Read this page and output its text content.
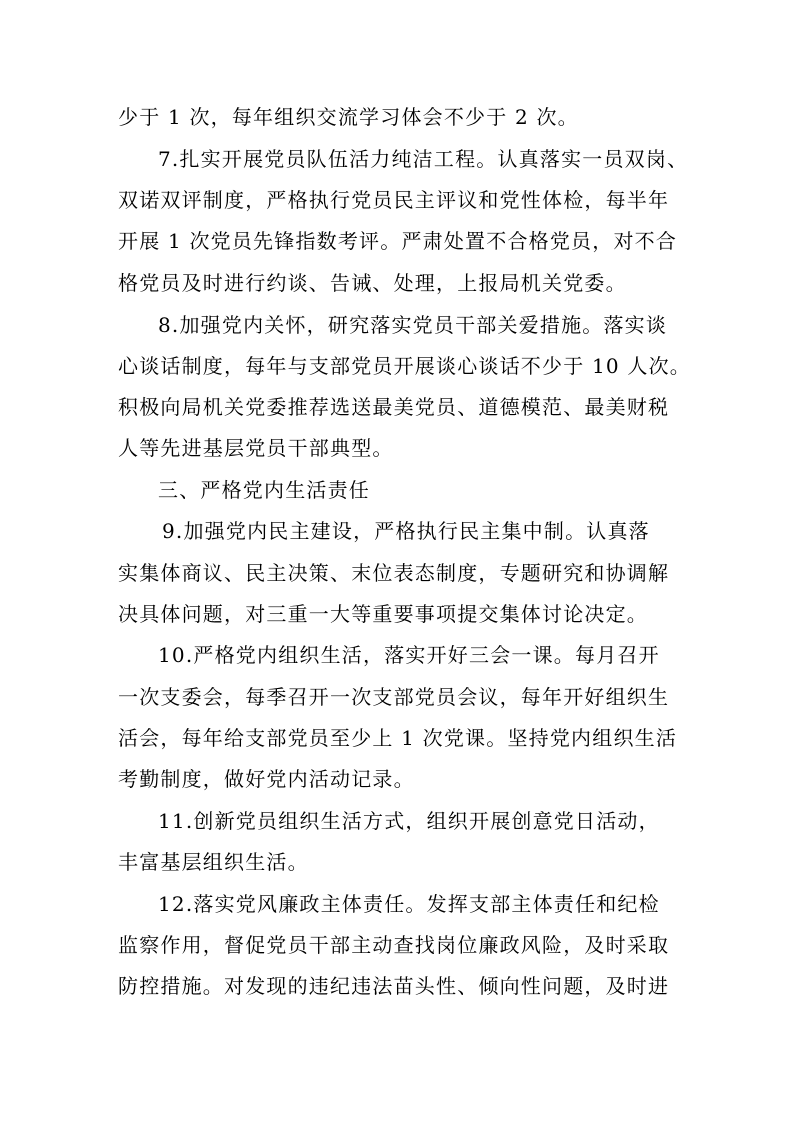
少于 1 次，每年组织交流学习体会不少于 2 次。
7.扎实开展党员队伍活力纯洁工程。认真落实一员双岗、
双诺双评制度，严格执行党员民主评议和党性体检，每半年
开展 1 次党员先锋指数考评。严肃处置不合格党员，对不合
格党员及时进行约谈、告诫、处理，上报局机关党委。
8.加强党内关怀，研究落实党员干部关爱措施。落实谈
心谈话制度，每年与支部党员开展谈心谈话不少于 10 人次。
积极向局机关党委推荐选送最美党员、道德模范、最美财税
人等先进基层党员干部典型。
三、严格党内生活责任
9.加强党内民主建设，严格执行民主集中制。认真落
实集体商议、民主决策、末位表态制度，专题研究和协调解
决具体问题，对三重一大等重要事项提交集体讨论决定。
10.严格党内组织生活，落实开好三会一课。每月召开
一次支委会，每季召开一次支部党员会议，每年开好组织生
活会，每年给支部党员至少上 1 次党课。坚持党内组织生活
考勤制度，做好党内活动记录。
11.创新党员组织生活方式，组织开展创意党日活动，
丰富基层组织生活。
12.落实党风廉政主体责任。发挥支部主体责任和纪检
监察作用，督促党员干部主动查找岗位廉政风险，及时采取
防控措施。对发现的违纪违法苗头性、倾向性问题，及时进
